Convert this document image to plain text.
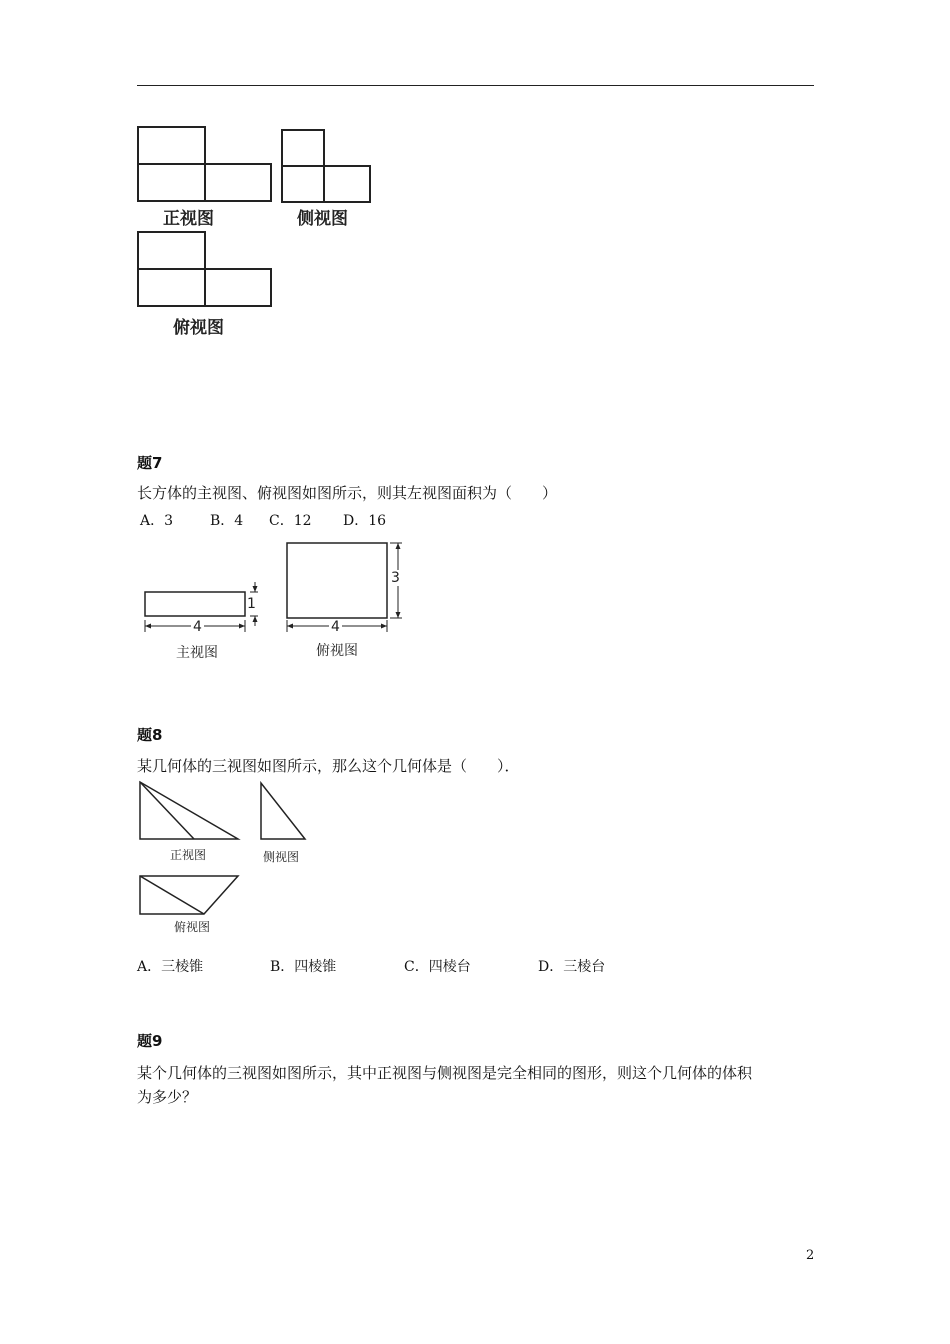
正视图	侧视图
俯视图
题7
长方体的主视图、俯视图如图所示，则其左视图面积为（　　）
A．3	B．4 C．12 D．16
4
1
主视图
4
3
俯视图
题8
某几何体的三视图如图所示，那么这个几何体是（　　）．
正视图	侧视图
俯视图
A．三棱锥	B．四棱锥	C．四棱台	D．三棱台
题9
某个几何体的三视图如图所示，其中正视图与侧视图是完全相同的图形，则这个几何体的体积
为多少？
2
